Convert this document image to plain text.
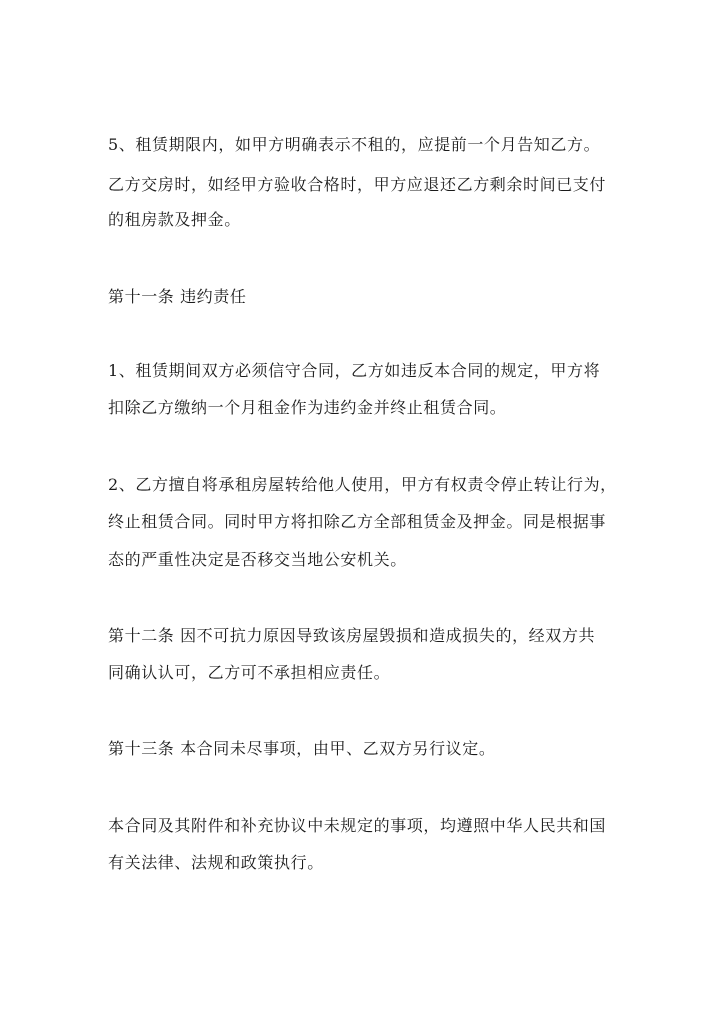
5、租赁期限内，如甲方明确表示不租的，应提前一个月告知乙方。
乙方交房时，如经甲方验收合格时，甲方应退还乙方剩余时间已支付
的租房款及押金。
第十一条 违约责任
1、租赁期间双方必须信守合同，乙方如违反本合同的规定，甲方将
扣除乙方缴纳一个月租金作为违约金并终止租赁合同。
2、乙方擅自将承租房屋转给他人使用，甲方有权责令停止转让行为，
终止租赁合同。同时甲方将扣除乙方全部租赁金及押金。同是根据事
态的严重性决定是否移交当地公安机关。
第十二条 因不可抗力原因导致该房屋毁损和造成损失的，经双方共
同确认认可，乙方可不承担相应责任。
第十三条 本合同未尽事项，由甲、乙双方另行议定。
本合同及其附件和补充协议中未规定的事项，均遵照中华人民共和国
有关法律、法规和政策执行。
